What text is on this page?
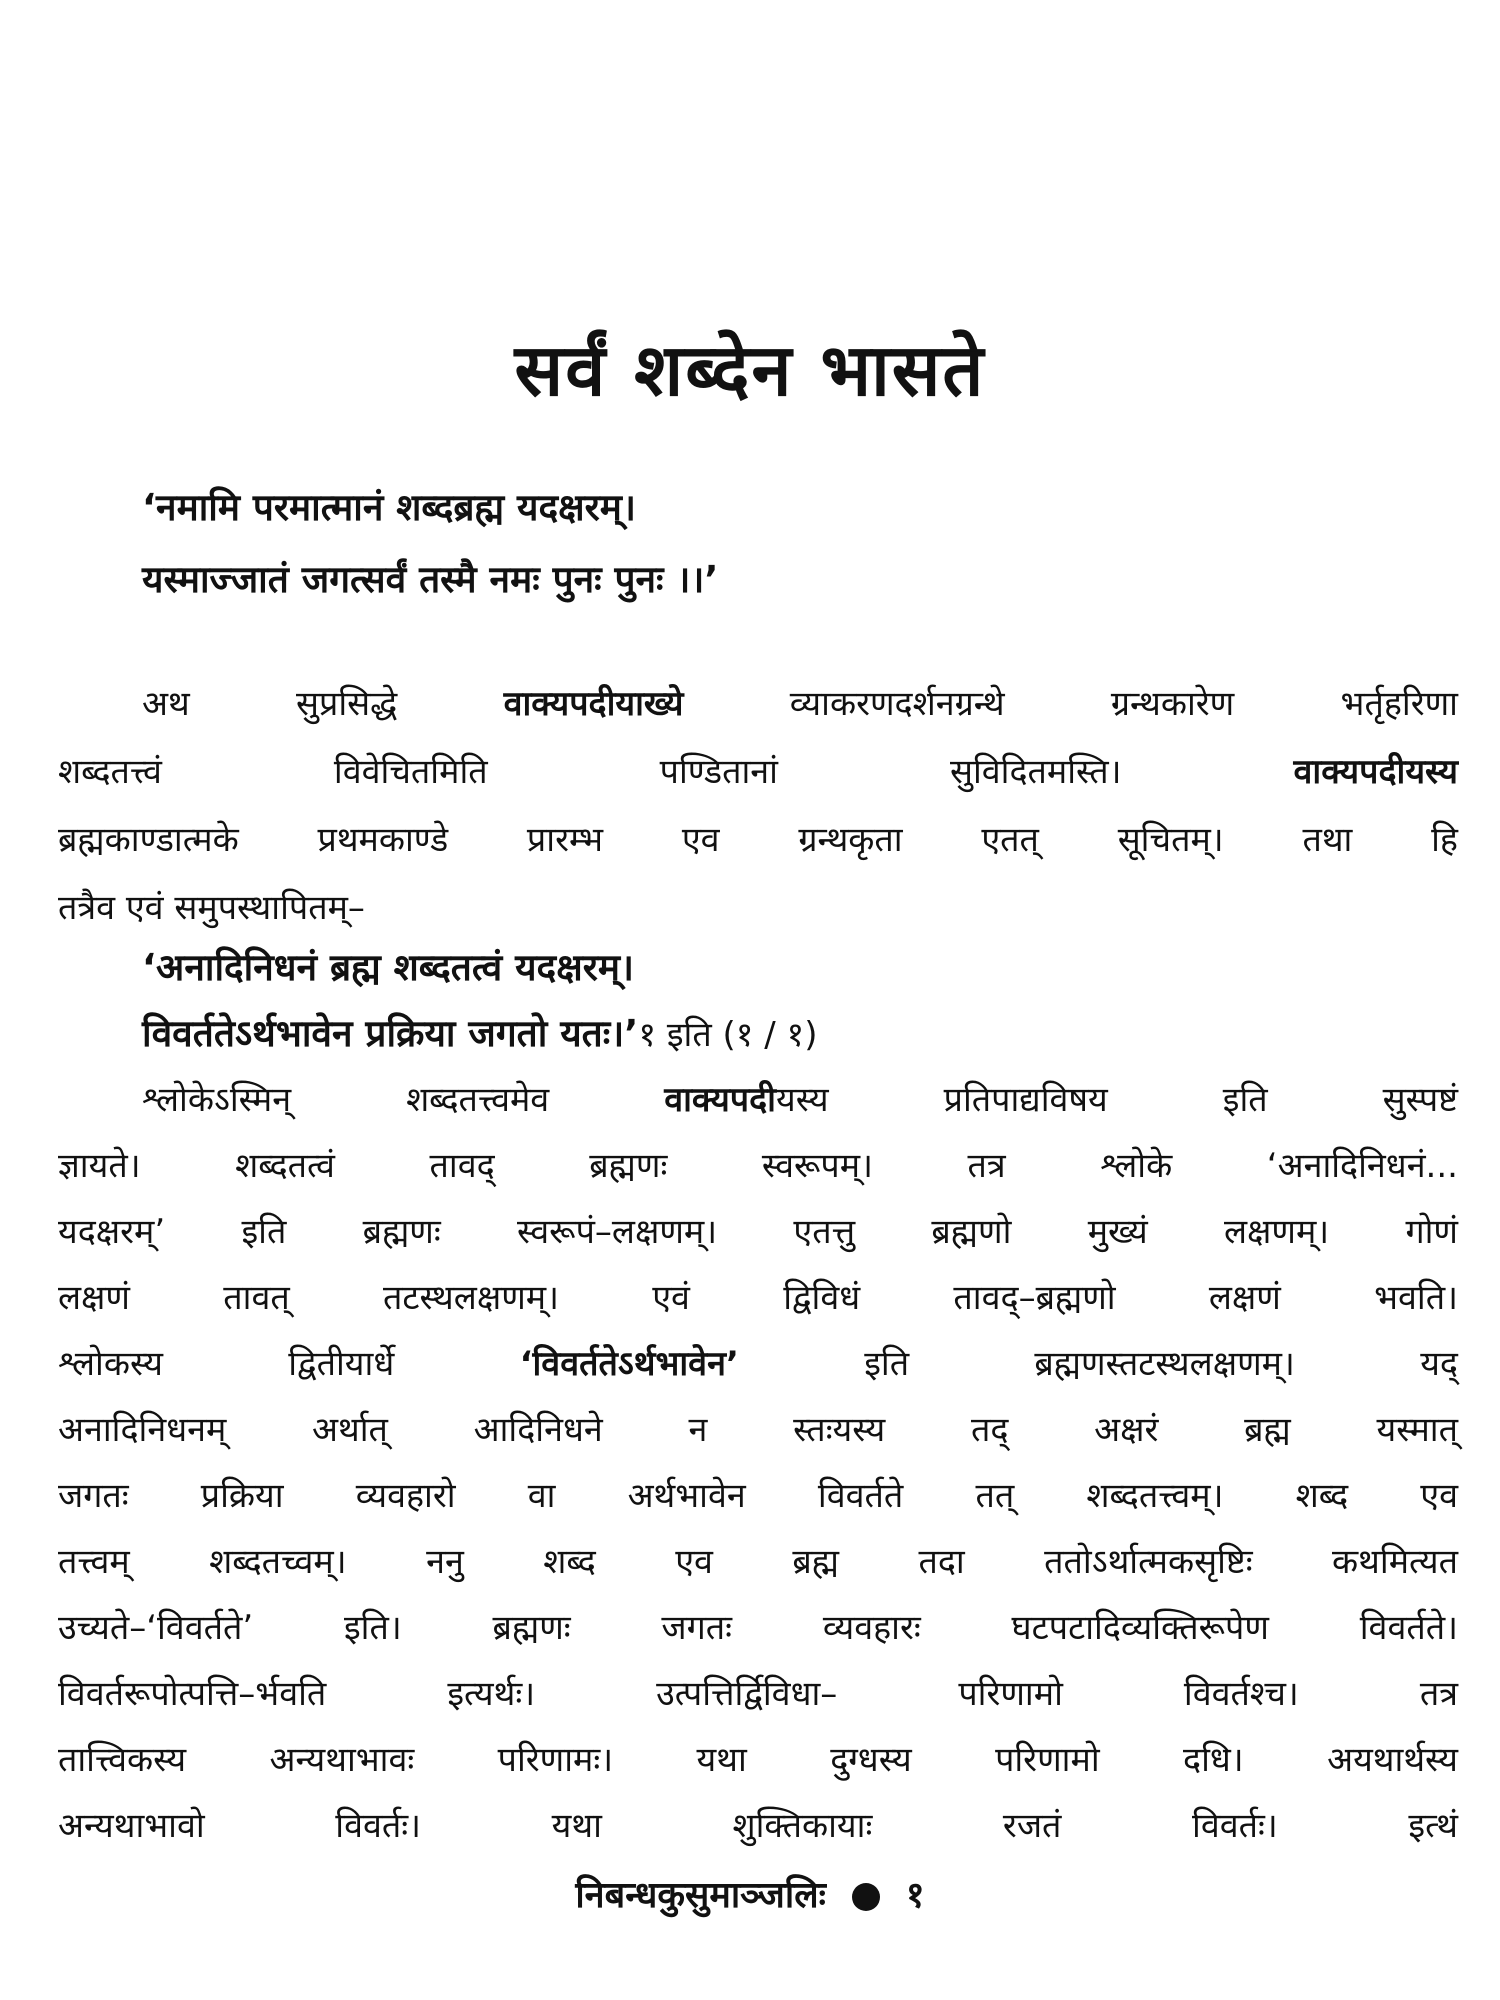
सर्वं शब्देन भासते

‘नमामि परमात्मानं शब्दब्रह्म यदक्षरम्।

यस्माज्जातं जगत्सर्वं तस्मै नमः पुनः पुनः ।।’

अथ सुप्रसिद्धे वाक्यपदीयाख्ये व्याकरणदर्शनग्रन्थे ग्रन्थकारेण भर्तृहरिणा

शब्दतत्त्वं विवेचितमिति पण्डितानां सुविदितमस्ति। वाक्यपदीयस्य

ब्रह्मकाण्डात्मके प्रथमकाण्डे प्रारम्भ एव ग्रन्थकृता एतत् सूचितम्। तथा हि

तत्रैव एवं समुपस्थापितम्–

‘अनादिनिधनं ब्रह्म शब्दतत्वं यदक्षरम्।

विवर्ततेऽर्थभावेन प्रक्रिया जगतो यतः।’१ इति (१ / १)

श्लोकेऽस्मिन् शब्दतत्त्वमेव वाक्यपदीयस्य प्रतिपाद्यविषय इति सुस्पष्टं

ज्ञायते। शब्दतत्वं तावद् ब्रह्मणः स्वरूपम्। तत्र श्लोके ‘अनादिनिधनं...

यदक्षरम्’ इति ब्रह्मणः स्वरूपं–लक्षणम्। एतत्तु ब्रह्मणो मुख्यं लक्षणम्। गोणं

लक्षणं तावत् तटस्थलक्षणम्। एवं द्विविधं तावद्–ब्रह्मणो लक्षणं भवति।

श्लोकस्य द्वितीयार्धे ‘विवर्ततेऽर्थभावेन’ इति ब्रह्मणस्तटस्थलक्षणम्। यद्

अनादिनिधनम् अर्थात् आदिनिधने न स्तःयस्य तद् अक्षरं ब्रह्म यस्मात्

जगतः प्रक्रिया व्यवहारो वा अर्थभावेन विवर्तते तत् शब्दतत्त्वम्। शब्द एव

तत्त्वम् शब्दतच्वम्। ननु शब्द एव ब्रह्म तदा ततोऽर्थात्मकसृष्टिः कथमित्यत

उच्यते–‘विवर्तते’ इति। ब्रह्मणः जगतः व्यवहारः घटपटादिव्यक्तिरूपेण विवर्तते।

विवर्तरूपोत्पत्ति–र्भवति इत्यर्थः। उत्पत्तिर्द्विविधा– परिणामो विवर्तश्च। तत्र

तात्त्विकस्य अन्यथाभावः परिणामः। यथा दुग्धस्य परिणामो दधि। अयथार्थस्य

अन्यथाभावो विवर्तः। यथा शुक्तिकायाः रजतं विवर्तः। इत्थं

निबन्धकुसुमाञ्जलिः १
